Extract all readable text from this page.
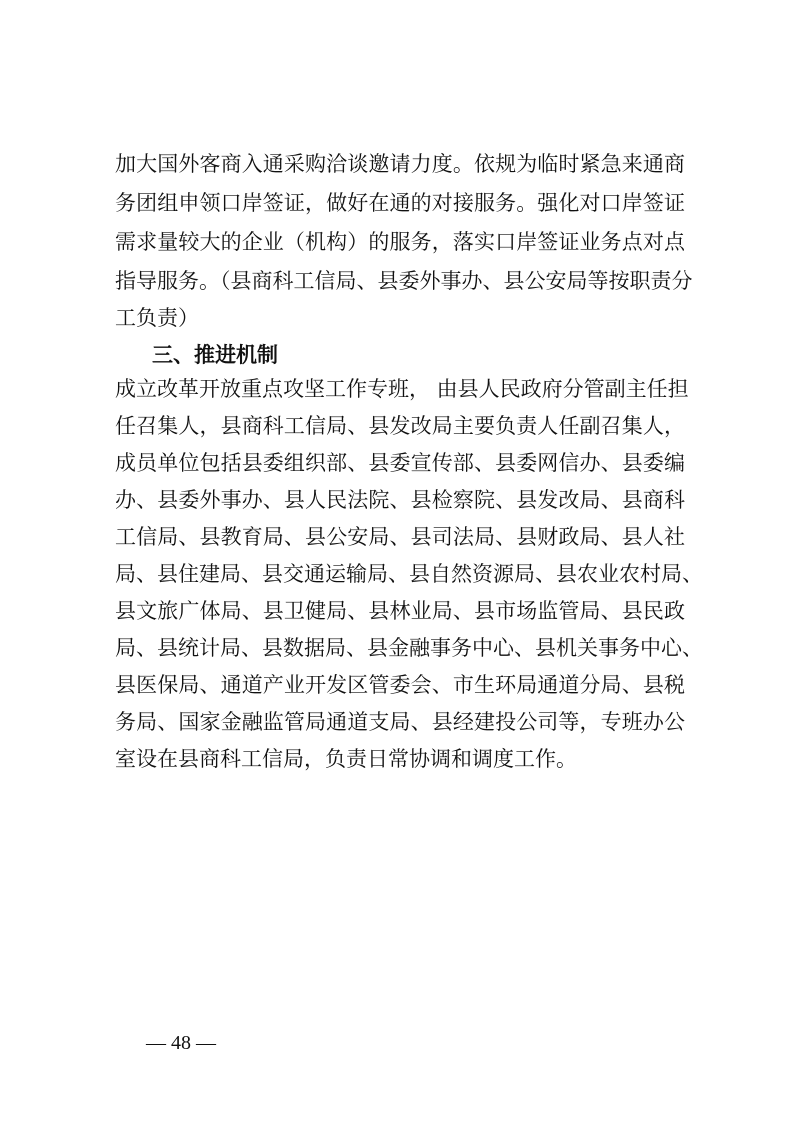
加大国外客商入通采购洽谈邀请力度。依规为临时紧急来通商
务团组申领口岸签证，做好在通的对接服务。强化对口岸签证
需求量较大的企业（机构）的服务，落实口岸签证业务点对点
指导服务。（县商科工信局、县委外事办、县公安局等按职责分
工负责）
三、推进机制
成立改革开放重点攻坚工作专班， 由县人民政府分管副主任担
任召集人，县商科工信局、县发改局主要负责人任副召集人，
成员单位包括县委组织部、县委宣传部、县委网信办、县委编
办、县委外事办、县人民法院、县检察院、县发改局、县商科
工信局、县教育局、县公安局、县司法局、县财政局、县人社
局、县住建局、县交通运输局、县自然资源局、县农业农村局、
县文旅广体局、县卫健局、县林业局、县市场监管局、县民政
局、县统计局、县数据局、县金融事务中心、县机关事务中心、
县医保局、通道产业开发区管委会、市生环局通道分局、县税
务局、国家金融监管局通道支局、县经建投公司等，专班办公
室设在县商科工信局，负责日常协调和调度工作。
— 48 —
